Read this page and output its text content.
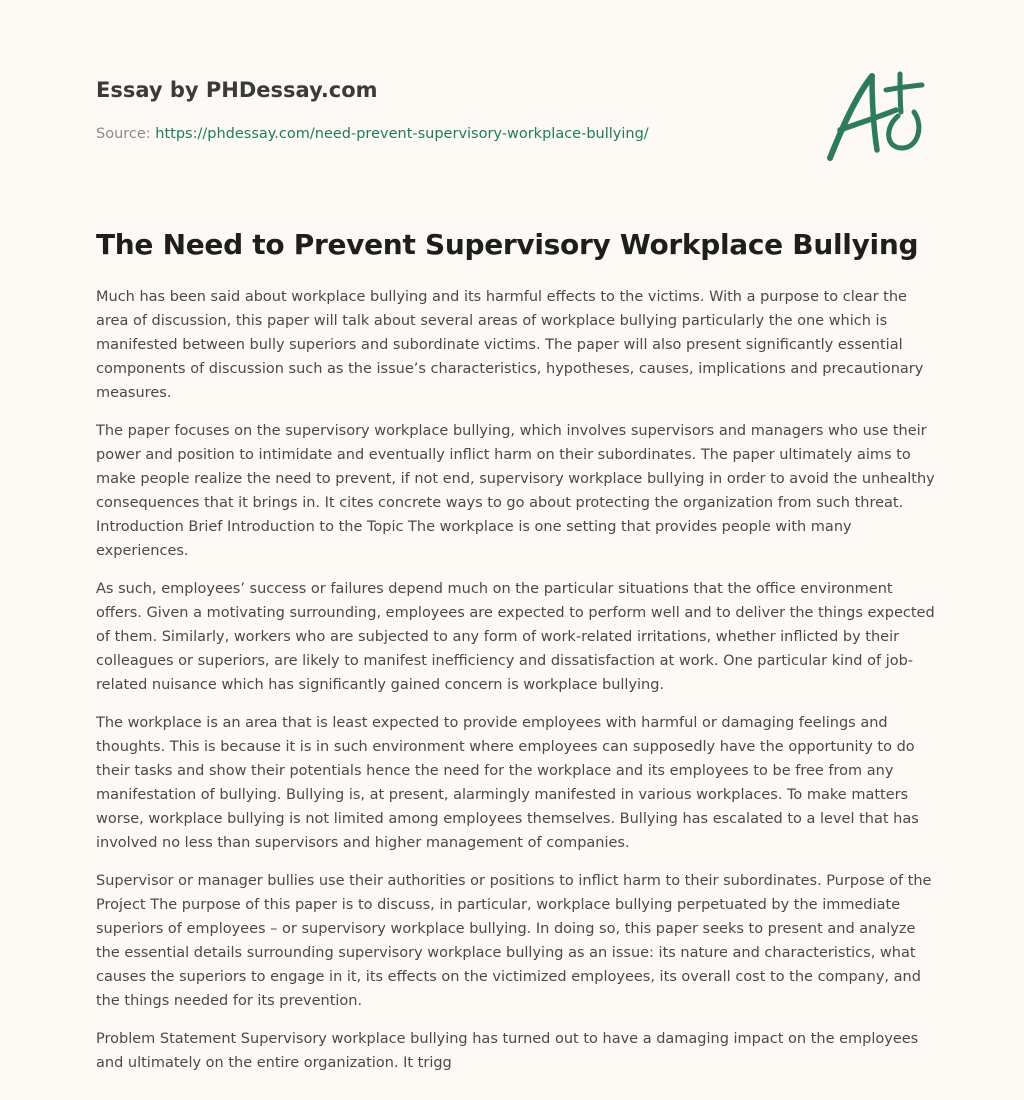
Essay by PHDessay.com
Source: https://phdessay.com/need-prevent-supervisory-workplace-bullying/
The Need to Prevent Supervisory Workplace Bullying

Much has been said about workplace bullying and its harmful effects to the victims. With a purpose to clear the area of discussion, this paper will talk about several areas of workplace bullying particularly the one which is manifested between bully superiors and subordinate victims. The paper will also present significantly essential components of discussion such as the issue’s characteristics, hypotheses, causes, implications and precautionary measures.

The paper focuses on the supervisory workplace bullying, which involves supervisors and managers who use their power and position to intimidate and eventually inflict harm on their subordinates. The paper ultimately aims to make people realize the need to prevent, if not end, supervisory workplace bullying in order to avoid the unhealthy consequences that it brings in. It cites concrete ways to go about protecting the organization from such threat. Introduction Brief Introduction to the Topic The workplace is one setting that provides people with many experiences.

As such, employees’ success or failures depend much on the particular situations that the office environment offers. Given a motivating surrounding, employees are expected to perform well and to deliver the things expected of them. Similarly, workers who are subjected to any form of work-related irritations, whether inflicted by their colleagues or superiors, are likely to manifest inefficiency and dissatisfaction at work. One particular kind of job-related nuisance which has significantly gained concern is workplace bullying.

The workplace is an area that is least expected to provide employees with harmful or damaging feelings and thoughts. This is because it is in such environment where employees can supposedly have the opportunity to do their tasks and show their potentials hence the need for the workplace and its employees to be free from any manifestation of bullying. Bullying is, at present, alarmingly manifested in various workplaces. To make matters worse, workplace bullying is not limited among employees themselves. Bullying has escalated to a level that has involved no less than supervisors and higher management of companies.

Supervisor or manager bullies use their authorities or positions to inflict harm to their subordinates. Purpose of the Project The purpose of this paper is to discuss, in particular, workplace bullying perpetuated by the immediate superiors of employees – or supervisory workplace bullying. In doing so, this paper seeks to present and analyze the essential details surrounding supervisory workplace bullying as an issue: its nature and characteristics, what causes the superiors to engage in it, its effects on the victimized employees, its overall cost to the company, and the things needed for its prevention.

Problem Statement Supervisory workplace bullying has turned out to have a damaging impact on the employees and ultimately on the entire organization. It trigg
